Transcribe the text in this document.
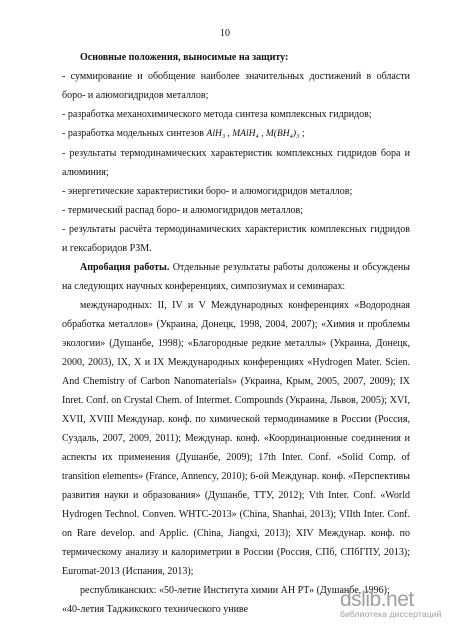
10

Основные положения, выносимые на защиту:

- суммирование и обобщение наиболее значительных достижений в области боро- и алюмогидридов металлов;

- разработка механохимического метода синтеза комплексных гидридов;

- разработка модельных синтезов AlH₃ , MAlH₄ , M(BH₄)₃ ;

- результаты термодинамических характеристик комплексных гидридов бора и алюминия;

- энергетические характеристики боро- и алюмогидридов металлов;

- термический распад боро- и алюмогидридов металлов;

- результаты расчёта термодинамических характеристик комплексных гидридов и гексаборидов РЗМ.

Апробация работы. Отдельные результаты работы доложены и обсуждены на следующих научных конференциях, симпозиумах и семинарах:

международных: II, IV и V Международных конференциях «Водородная обработка металлов» (Украина, Донецк, 1998, 2004, 2007); «Химия и проблемы экологии» (Душанбе, 1998); «Благородные редкие металлы» (Украина, Донецк, 2000, 2003), IX, X и IX Международных конференциях «Hydrogen Mater. Scien. And Chemistry of Carbon Nanomaterials» (Украина, Крым, 2005, 2007, 2009); IX Inret. Conf. on Crystal Chem. of Intermet. Compounds (Украина, Львов, 2005); XVI, XVII, XVIII Междунар. конф. по химической термодинамике в России (Россия, Суздаль, 2007, 2009, 2011); Междунар. конф. «Координационные соединения и аспекты их применения (Душанбе, 2009); 17th Inter. Conf. «Solid Comp. of transition elements» (France, Annency, 2010); 6-ой Междунар. конф. «Перспективы развития науки и образования» (Душанбе, ТТУ, 2012); Vth Inter. Conf. «World Hydrogen Technol. Conven. WHTC-2013» (China, Shanhai, 2013); VIIth Inter. Conf. on Rare develop. and Applic. (China, Jiangxi, 2013); XIV Междунар. конф. по термическому анализу и калориметрии в России (Россия, СПб, СПбГПУ, 2013); Euromat-2013 (Испания, 2013);

республиканских: «50-летие Института химии АН РТ» (Душанбе, 1996);

«40-летия Таджикского технического униве	dslib.net
библиотека диссертаций
